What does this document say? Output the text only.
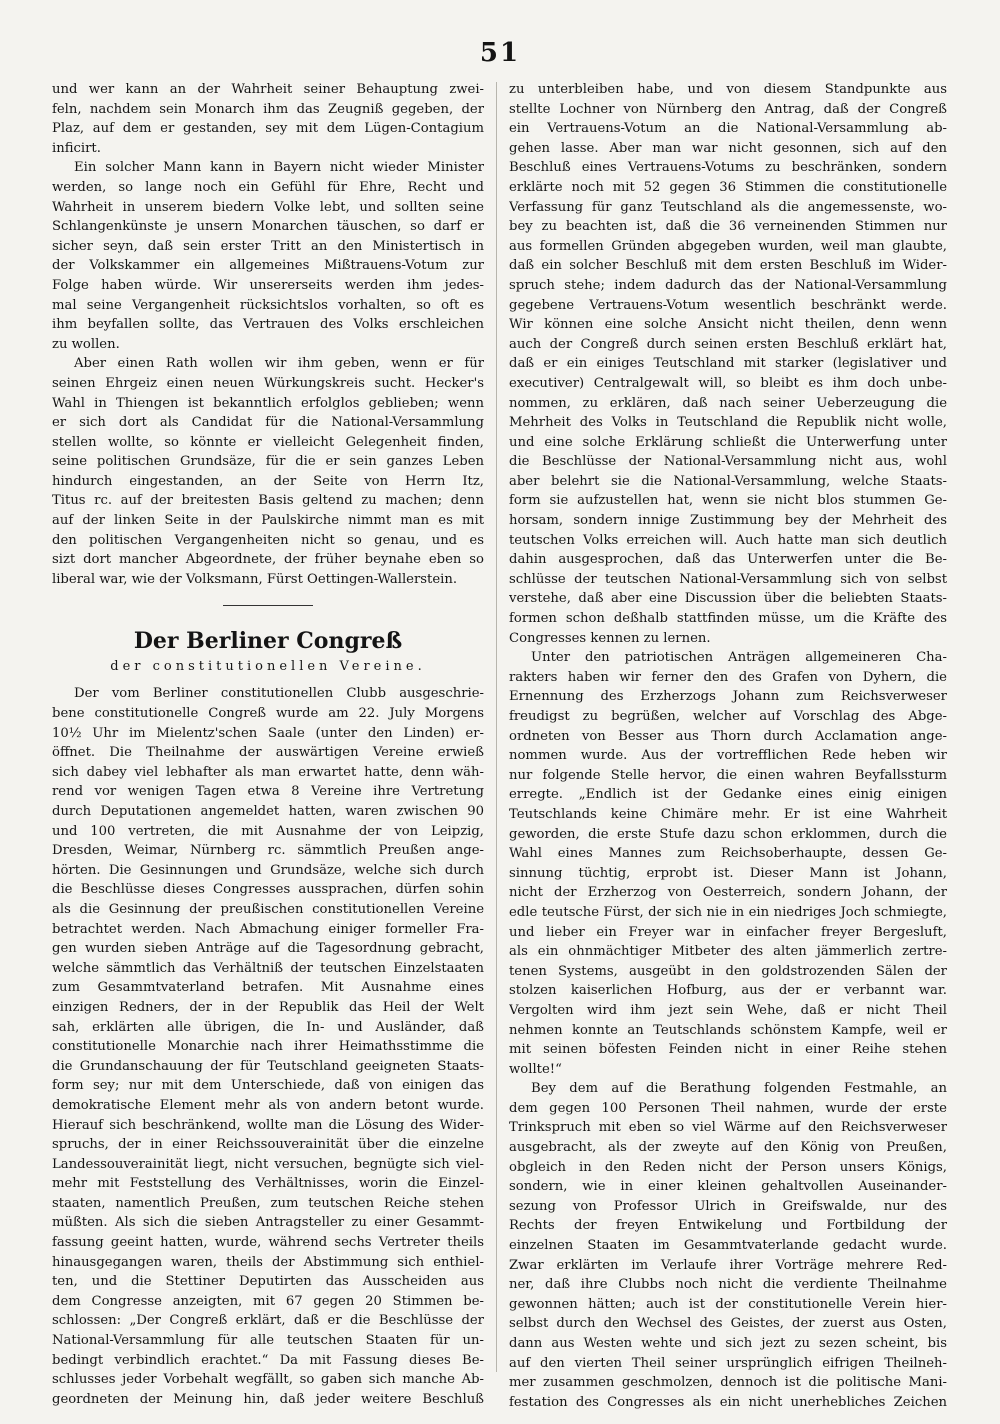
51
und wer kann an der Wahrheit seiner Behauptung zwei-
feln, nachdem sein Monarch ihm das Zeugniß gegeben, der
Plaz, auf dem er gestanden, sey mit dem Lügen-Contagium
inficirt.
Ein solcher Mann kann in Bayern nicht wieder Minister
werden, so lange noch ein Gefühl für Ehre, Recht und
Wahrheit in unserem biedern Volke lebt, und sollten seine
Schlangenkünste je unsern Monarchen täuschen, so darf er
sicher seyn, daß sein erster Tritt an den Ministertisch in
der Volkskammer ein allgemeines Mißtrauens-Votum zur
Folge haben würde. Wir unsererseits werden ihm jedes-
mal seine Vergangenheit rücksichtslos vorhalten, so oft es
ihm beyfallen sollte, das Vertrauen des Volks erschleichen
zu wollen.
Aber einen Rath wollen wir ihm geben, wenn er für
seinen Ehrgeiz einen neuen Würkungskreis sucht. Hecker's
Wahl in Thiengen ist bekanntlich erfolglos geblieben; wenn
er sich dort als Candidat für die National-Versammlung
stellen wollte, so könnte er vielleicht Gelegenheit finden,
seine politischen Grundsäze, für die er sein ganzes Leben
hindurch eingestanden, an der Seite von Herrn Itz,
Titus rc. auf der breitesten Basis geltend zu machen; denn
auf der linken Seite in der Paulskirche nimmt man es mit
den politischen Vergangenheiten nicht so genau, und es
sizt dort mancher Abgeordnete, der früher beynahe eben so
liberal war, wie der Volksmann, Fürst Oettingen-Wallerstein.
Der Berliner Congreß
der constitutionellen Vereine.
Der vom Berliner constitutionellen Clubb ausgeschrie-
bene constitutionelle Congreß wurde am 22. July Morgens
10½ Uhr im Mielentz'schen Saale (unter den Linden) er-
öffnet. Die Theilnahme der auswärtigen Vereine erwieß
sich dabey viel lebhafter als man erwartet hatte, denn wäh-
rend vor wenigen Tagen etwa 8 Vereine ihre Vertretung
durch Deputationen angemeldet hatten, waren zwischen 90
und 100 vertreten, die mit Ausnahme der von Leipzig,
Dresden, Weimar, Nürnberg rc. sämmtlich Preußen ange-
hörten. Die Gesinnungen und Grundsäze, welche sich durch
die Beschlüsse dieses Congresses aussprachen, dürfen sohin
als die Gesinnung der preußischen constitutionellen Vereine
betrachtet werden. Nach Abmachung einiger formeller Fra-
gen wurden sieben Anträge auf die Tagesordnung gebracht,
welche sämmtlich das Verhältniß der teutschen Einzelstaaten
zum Gesammtvaterland betrafen. Mit Ausnahme eines
einzigen Redners, der in der Republik das Heil der Welt
sah, erklärten alle übrigen, die In- und Ausländer, daß
constitutionelle Monarchie nach ihrer Heimathsstimme die
die Grundanschauung der für Teutschland geeigneten Staats-
form sey; nur mit dem Unterschiede, daß von einigen das
demokratische Element mehr als von andern betont wurde.
Hierauf sich beschränkend, wollte man die Lösung des Wider-
spruchs, der in einer Reichssouverainität über die einzelne
Landessouverainität liegt, nicht versuchen, begnügte sich viel-
mehr mit Feststellung des Verhältnisses, worin die Einzel-
staaten, namentlich Preußen, zum teutschen Reiche stehen
müßten. Als sich die sieben Antragsteller zu einer Gesammt-
fassung geeint hatten, wurde, während sechs Vertreter theils
hinausgegangen waren, theils der Abstimmung sich enthiel-
ten, und die Stettiner Deputirten das Ausscheiden aus
dem Congresse anzeigten, mit 67 gegen 20 Stimmen be-
schlossen: „Der Congreß erklärt, daß er die Beschlüsse der
National-Versammlung für alle teutschen Staaten für un-
bedingt verbindlich erachtet.“ Da mit Fassung dieses Be-
schlusses jeder Vorbehalt wegfällt, so gaben sich manche Ab-
geordneten der Meinung hin, daß jeder weitere Beschluß
zu unterbleiben habe, und von diesem Standpunkte aus
stellte Lochner von Nürnberg den Antrag, daß der Congreß
ein Vertrauens-Votum an die National-Versammlung ab-
gehen lasse. Aber man war nicht gesonnen, sich auf den
Beschluß eines Vertrauens-Votums zu beschränken, sondern
erklärte noch mit 52 gegen 36 Stimmen die constitutionelle
Verfassung für ganz Teutschland als die angemessenste, wo-
bey zu beachten ist, daß die 36 verneinenden Stimmen nur
aus formellen Gründen abgegeben wurden, weil man glaubte,
daß ein solcher Beschluß mit dem ersten Beschluß im Wider-
spruch stehe; indem dadurch das der National-Versammlung
gegebene Vertrauens-Votum wesentlich beschränkt werde.
Wir können eine solche Ansicht nicht theilen, denn wenn
auch der Congreß durch seinen ersten Beschluß erklärt hat,
daß er ein einiges Teutschland mit starker (legislativer und
executiver) Centralgewalt will, so bleibt es ihm doch unbe-
nommen, zu erklären, daß nach seiner Ueberzeugung die
Mehrheit des Volks in Teutschland die Republik nicht wolle,
und eine solche Erklärung schließt die Unterwerfung unter
die Beschlüsse der National-Versammlung nicht aus, wohl
aber belehrt sie die National-Versammlung, welche Staats-
form sie aufzustellen hat, wenn sie nicht blos stummen Ge-
horsam, sondern innige Zustimmung bey der Mehrheit des
teutschen Volks erreichen will. Auch hatte man sich deutlich
dahin ausgesprochen, daß das Unterwerfen unter die Be-
schlüsse der teutschen National-Versammlung sich von selbst
verstehe, daß aber eine Discussion über die beliebten Staats-
formen schon deßhalb stattfinden müsse, um die Kräfte des
Congresses kennen zu lernen.
Unter den patriotischen Anträgen allgemeineren Cha-
rakters haben wir ferner den des Grafen von Dyhern, die
Ernennung des Erzherzogs Johann zum Reichsverweser
freudigst zu begrüßen, welcher auf Vorschlag des Abge-
ordneten von Besser aus Thorn durch Acclamation ange-
nommen wurde. Aus der vortrefflichen Rede heben wir
nur folgende Stelle hervor, die einen wahren Beyfallssturm
erregte. „Endlich ist der Gedanke eines einig einigen
Teutschlands keine Chimäre mehr. Er ist eine Wahrheit
geworden, die erste Stufe dazu schon erklommen, durch die
Wahl eines Mannes zum Reichsoberhaupte, dessen Ge-
sinnung tüchtig, erprobt ist. Dieser Mann ist Johann,
nicht der Erzherzog von Oesterreich, sondern Johann, der
edle teutsche Fürst, der sich nie in ein niedriges Joch schmiegte,
und lieber ein Freyer war in einfacher freyer Bergesluft,
als ein ohnmächtiger Mitbeter des alten jämmerlich zertre-
tenen Systems, ausgeübt in den goldstrozenden Sälen der
stolzen kaiserlichen Hofburg, aus der er verbannt war.
Vergolten wird ihm jezt sein Wehe, daß er nicht Theil
nehmen konnte an Teutschlands schönstem Kampfe, weil er
mit seinen böfesten Feinden nicht in einer Reihe stehen
wollte!“
Bey dem auf die Berathung folgenden Festmahle, an
dem gegen 100 Personen Theil nahmen, wurde der erste
Trinkspruch mit eben so viel Wärme auf den Reichsverweser
ausgebracht, als der zweyte auf den König von Preußen,
obgleich in den Reden nicht der Person unsers Königs,
sondern, wie in einer kleinen gehaltvollen Auseinander-
sezung von Professor Ulrich in Greifswalde, nur des
Rechts der freyen Entwikelung und Fortbildung der
einzelnen Staaten im Gesammtvaterlande gedacht wurde.
Zwar erklärten im Verlaufe ihrer Vorträge mehrere Red-
ner, daß ihre Clubbs noch nicht die verdiente Theilnahme
gewonnen hätten; auch ist der constitutionelle Verein hier-
selbst durch den Wechsel des Geistes, der zuerst aus Osten,
dann aus Westen wehte und sich jezt zu sezen scheint, bis
auf den vierten Theil seiner ursprünglich eifrigen Theilneh-
mer zusammen geschmolzen, dennoch ist die politische Mani-
festation des Congresses als ein nicht unerhebliches Zeichen
